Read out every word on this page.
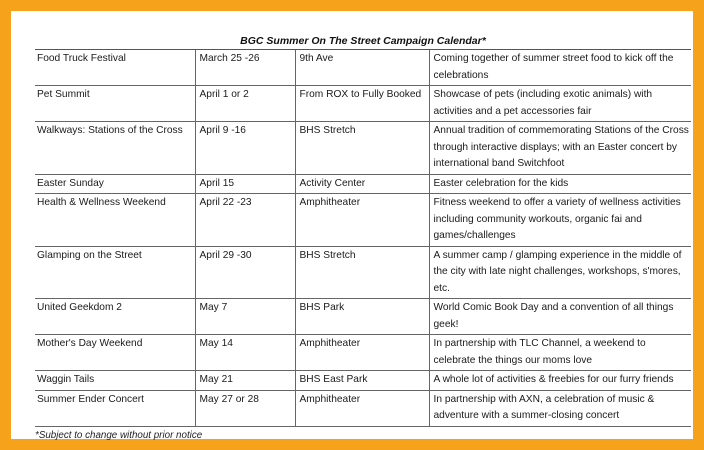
BGC Summer On The Street Campaign Calendar*
Food Truck Festival	March 25 -26	9th Ave	Coming together of summer street food to kick off the celebrations
Pet Summit	April 1 or 2	From ROX to Fully Booked	Showcase of pets (including exotic animals) with activities and a pet accessories fair
Walkways: Stations of the Cross	April 9 -16	BHS Stretch	Annual tradition of commemorating Stations of the Cross through interactive displays; with an Easter concert by international band Switchfoot
Easter Sunday	April 15	Activity Center	Easter celebration for the kids
Health & Wellness Weekend	April 22 -23	Amphitheater	Fitness weekend to offer a variety of wellness activities including community workouts, organic fai and games/challenges
Glamping on the Street	April 29 -30	BHS Stretch	A summer camp / glamping experience in the middle of the city with late night challenges, workshops, s'mores, etc.
United Geekdom 2	May 7	BHS Park	World Comic Book Day and a convention of all things geek!
Mother's Day Weekend	May 14	Amphitheater	In partnership with TLC Channel, a weekend to celebrate the things our moms love
Waggin Tails	May 21	BHS East Park	A whole lot of activities & freebies for our furry friends
Summer Ender Concert	May 27 or 28	Amphitheater	In partnership with AXN, a celebration of music & adventure with a summer-closing concert
*Subject to change without prior notice
